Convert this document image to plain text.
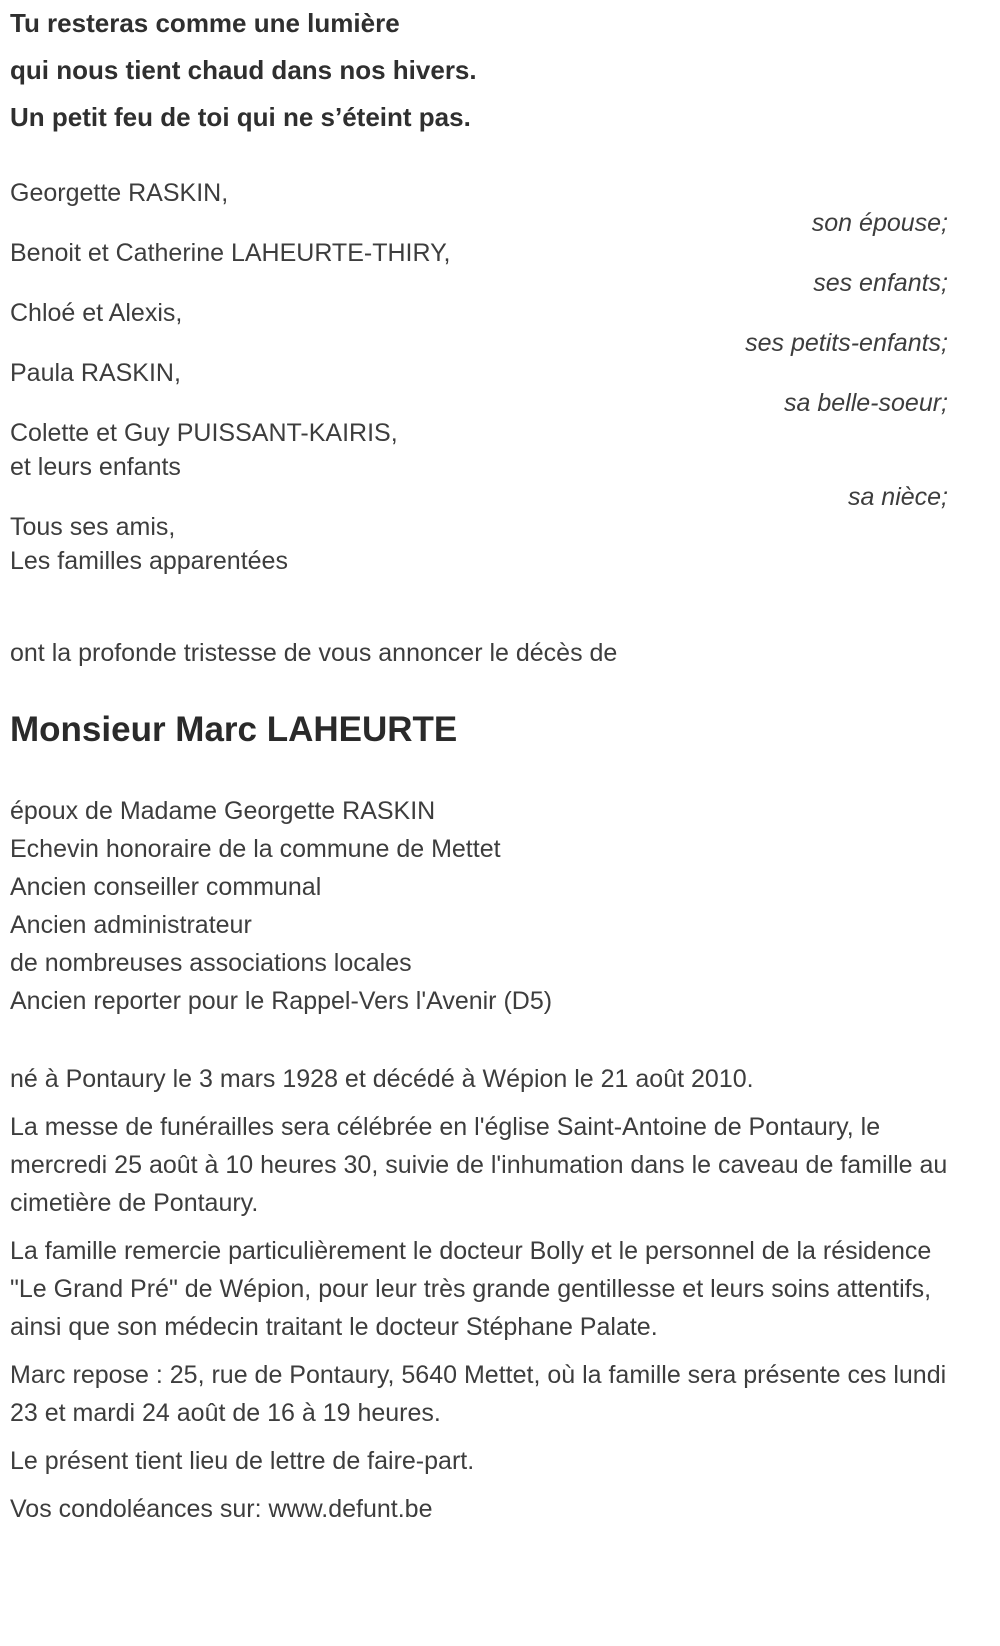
Tu resteras comme une lumière

qui nous tient chaud dans nos hivers.

Un petit feu de toi qui ne s’éteint pas.

Georgette RASKIN,

son épouse;

Benoit et Catherine LAHEURTE-THIRY,

ses enfants;

Chloé et Alexis,

ses petits-enfants;

Paula RASKIN,

sa belle-soeur;

Colette et Guy PUISSANT-KAIRIS,

et leurs enfants

sa nièce;

Tous ses amis,

Les familles apparentées

ont la profonde tristesse de vous annoncer le décès de

Monsieur Marc LAHEURTE

époux de Madame Georgette RASKIN

Echevin honoraire de la commune de Mettet

Ancien conseiller communal

Ancien administrateur

de nombreuses associations locales

Ancien reporter pour le Rappel-Vers l'Avenir (D5)

né à Pontaury le 3 mars 1928 et décédé à Wépion le 21 août 2010.

La messe de funérailles sera célébrée en l'église Saint-Antoine de Pontaury, le mercredi 25 août à 10 heures 30, suivie de l'inhumation dans le caveau de famille au cimetière de Pontaury.

La famille remercie particulièrement le docteur Bolly et le personnel de la résidence "Le Grand Pré" de Wépion, pour leur très grande gentillesse et leurs soins attentifs, ainsi que son médecin traitant le docteur Stéphane Palate.

Marc repose : 25, rue de Pontaury, 5640 Mettet, où la famille sera présente ces lundi 23 et mardi 24 août de 16 à 19 heures.

Le présent tient lieu de lettre de faire-part.

Vos condoléances sur: www.defunt.be
